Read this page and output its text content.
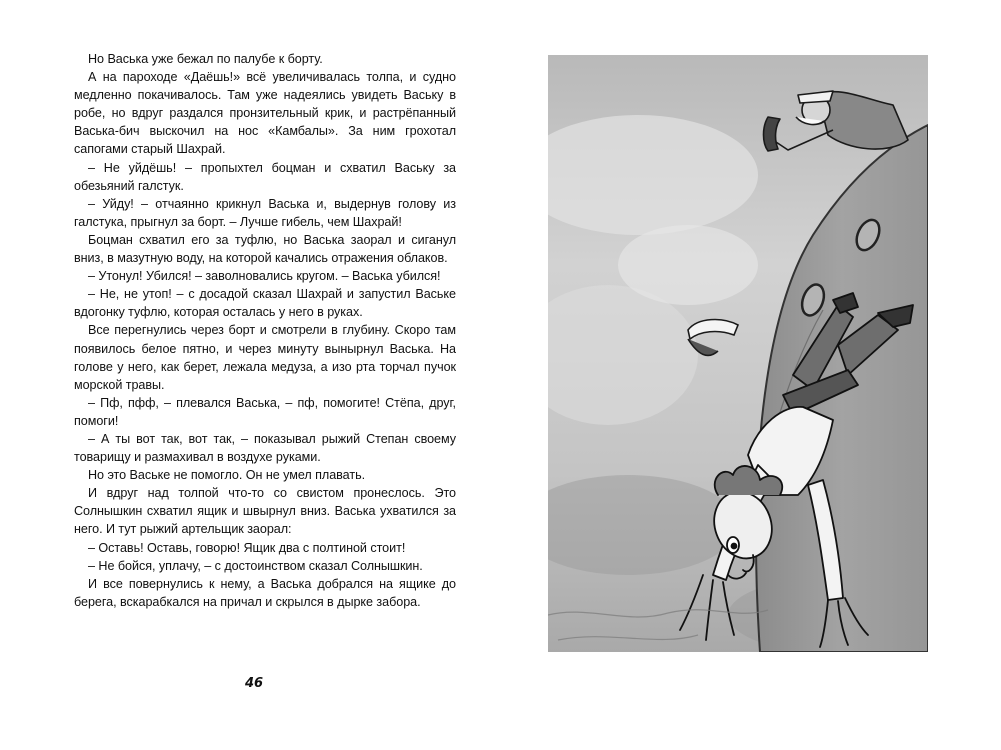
Но Васька уже бежал по палубе к борту.

А на пароходе «Даёшь!» всё увеличивалась толпа, и судно медленно покачивалось. Там уже надеялись увидеть Ваську в робе, но вдруг раздался пронзительный крик, и растрёпанный Васька-бич выскочил на нос «Камбалы». За ним грохотал сапогами старый Шахрай.

– Не уйдёшь! – пропыхтел боцман и схватил Ваську за обезьяний галстук.

– Уйду! – отчаянно крикнул Васька и, выдернув голову из галстука, прыгнул за борт. – Лучше гибель, чем Шахрай!

Боцман схватил его за туфлю, но Васька заорал и сиганул вниз, в мазутную воду, на которой качались отражения облаков.

– Утонул! Убился! – заволновались кругом. – Васька убился!

– Не, не утоп! – с досадой сказал Шахрай и запустил Ваське вдогонку туфлю, которая осталась у него в руках.

Все перегнулись через борт и смотрели в глубину. Скоро там появилось белое пятно, и через минуту вынырнул Васька. На голове у него, как берет, лежала медуза, а изо рта торчал пучок морской травы.

– Пф, пфф, – плевался Васька, – пф, помогите! Стёпа, друг, помоги!

– А ты вот так, вот так, – показывал рыжий Степан своему товарищу и размахивал в воздухе руками.

Но это Ваське не помогло. Он не умел плавать.

И вдруг над толпой что-то со свистом пронеслось. Это Солнышкин схватил ящик и швырнул вниз. Васька ухватился за него. И тут рыжий артельщик заорал:

– Оставь! Оставь, говорю! Ящик два с полтиной стоит!

– Не бойся, уплачу, – с достоинством сказал Солнышкин.

И все повернулись к нему, а Васька добрался на ящике до берега, вскарабкался на причал и скрылся в дырке забора.

46
